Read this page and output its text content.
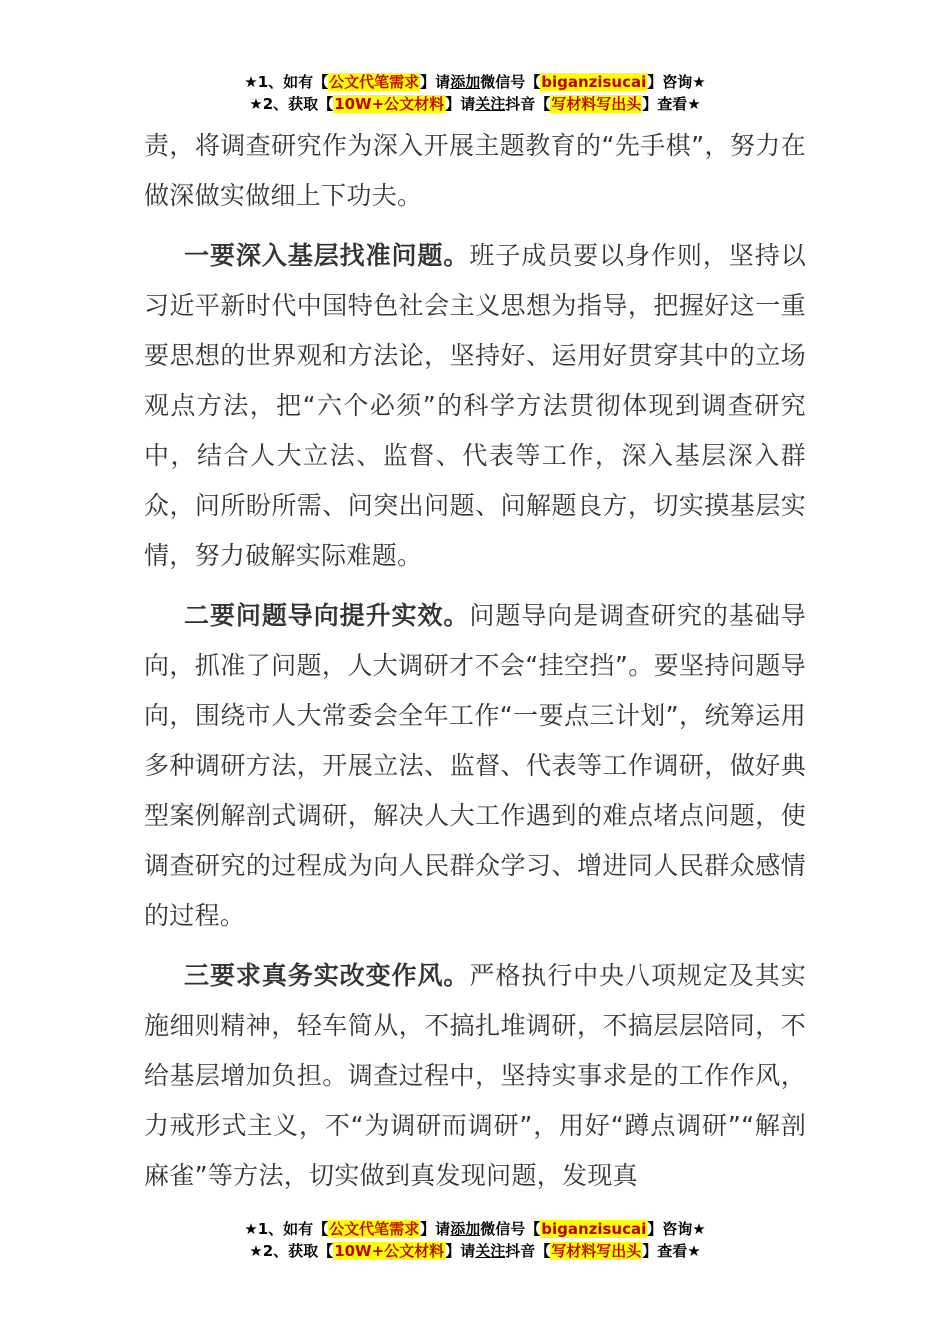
★1、如有【公文代笔需求】请添加微信号【biganzisucai】咨询★
★2、获取【10W+公文材料】请关注抖音【写材料写出头】查看★

责，将调查研究作为深入开展主题教育的“先手棋”，努力在做深做实做细上下功夫。

一要深入基层找准问题。班子成员要以身作则，坚持以习近平新时代中国特色社会主义思想为指导，把握好这一重要思想的世界观和方法论，坚持好、运用好贯穿其中的立场观点方法，把“六个必须”的科学方法贯彻体现到调查研究中，结合人大立法、监督、代表等工作，深入基层深入群众，问所盼所需、问突出问题、问解题良方，切实摸基层实情，努力破解实际难题。

二要问题导向提升实效。问题导向是调查研究的基础导向，抓准了问题，人大调研才不会“挂空挡”。要坚持问题导向，围绕市人大常委会全年工作“一要点三计划”，统筹运用多种调研方法，开展立法、监督、代表等工作调研，做好典型案例解剖式调研，解决人大工作遇到的难点堵点问题，使调查研究的过程成为向人民群众学习、增进同人民群众感情的过程。

三要求真务实改变作风。严格执行中央八项规定及其实施细则精神，轻车简从，不搞扎堆调研，不搞层层陪同，不给基层增加负担。调查过程中，坚持实事求是的工作作风，力戒形式主义，不“为调研而调研”，用好“蹲点调研”“解剖麻雀”等方法，切实做到真发现问题，发现真

★1、如有【公文代笔需求】请添加微信号【biganzisucai】咨询★
★2、获取【10W+公文材料】请关注抖音【写材料写出头】查看★
